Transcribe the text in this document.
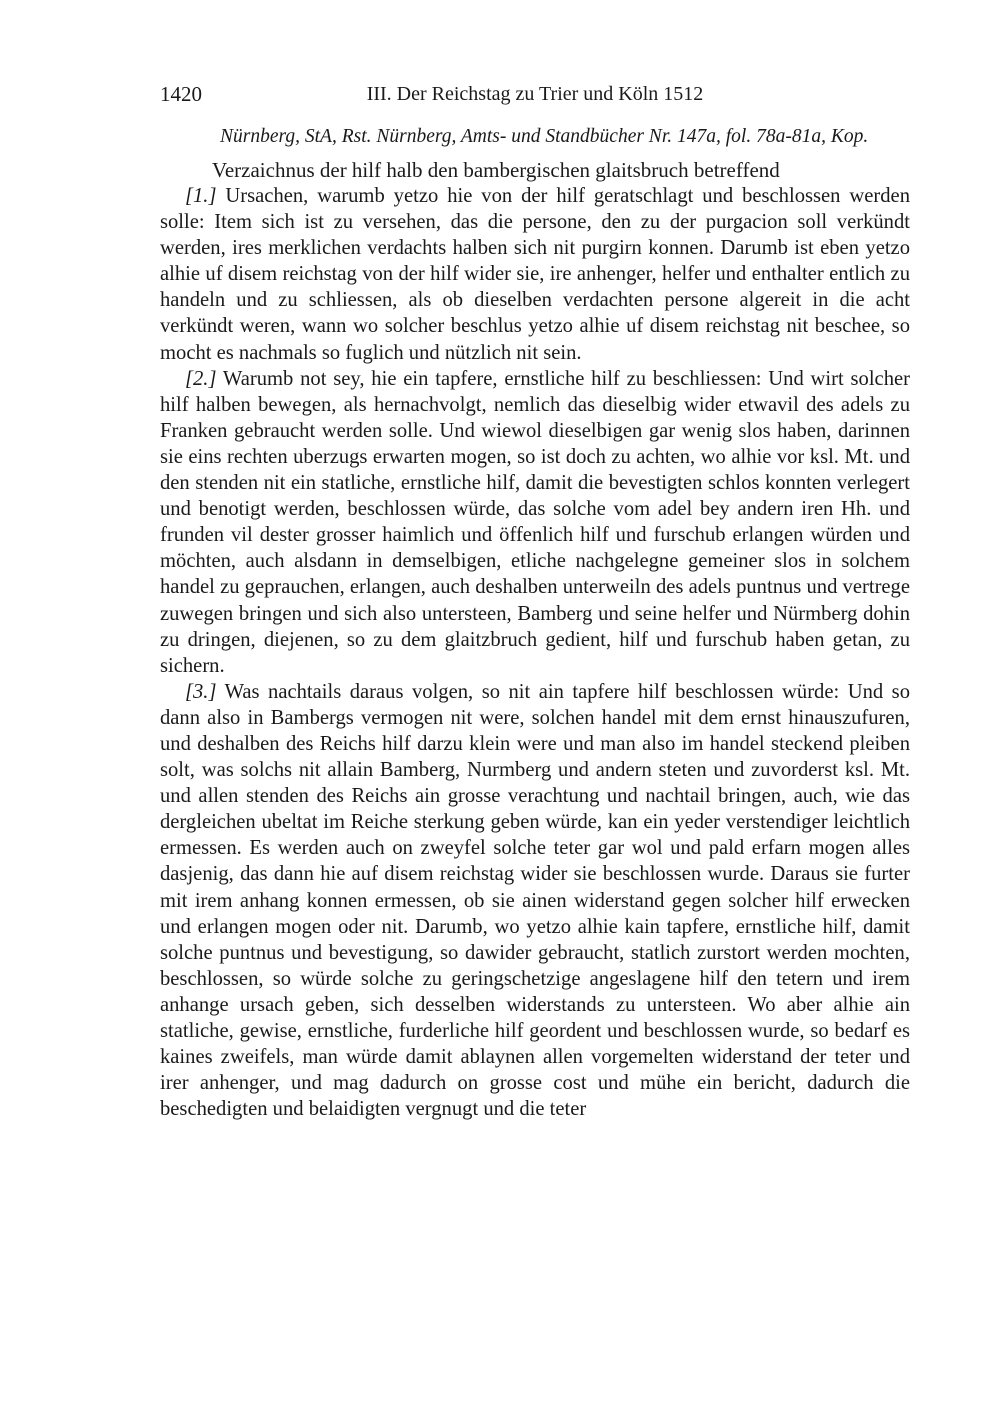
1420	III. Der Reichstag zu Trier und Köln 1512
Nürnberg, StA, Rst. Nürnberg, Amts- und Standbücher Nr. 147a, fol. 78a-81a, Kop.
Verzaichnus der hilf halb den bambergischen glaitsbruch betreffend

[1.] Ursachen, warumb yetzo hie von der hilf geratschlagt und beschlossen werden solle: Item sich ist zu versehen, das die persone, den zu der purgacion soll verkündt werden, ires merklichen verdachts halben sich nit purgirn konnen. Darumb ist eben yetzo alhie uf disem reichstag von der hilf wider sie, ire anhenger, helfer und enthalter entlich zu handeln und zu schliessen, als ob dieselben verdachten persone algereit in die acht verkündt weren, wann wo solcher beschlus yetzo alhie uf disem reichstag nit beschee, so mocht es nachmals so fuglich und nützlich nit sein.

[2.] Warumb not sey, hie ein tapfere, ernstliche hilf zu beschliessen: Und wirt solcher hilf halben bewegen, als hernachvolgt, nemlich das dieselbig wider etwavil des adels zu Franken gebraucht werden solle. Und wiewol dieselbigen gar wenig slos haben, darinnen sie eins rechten uberzugs erwarten mogen, so ist doch zu achten, wo alhie vor ksl. Mt. und den stenden nit ein statliche, ernstliche hilf, damit die bevestigten schlos konnten verlegert und benotigt werden, beschlossen würde, das solche vom adel bey andern iren Hh. und frunden vil dester grosser haimlich und öffenlich hilf und furschub erlangen würden und möchten, auch alsdann in demselbigen, etliche nachgelegne gemeiner slos in solchem handel zu geprauchen, erlangen, auch deshalben unterweiln des adels puntnus und vertrege zuwegen bringen und sich also untersteen, Bamberg und seine helfer und Nürmberg dohin zu dringen, diejenen, so zu dem glaitzbruch gedient, hilf und furschub haben getan, zu sichern.

[3.] Was nachtails daraus volgen, so nit ain tapfere hilf beschlossen würde: Und so dann also in Bambergs vermogen nit were, solchen handel mit dem ernst hinauszufuren, und deshalben des Reichs hilf darzu klein were und man also im handel steckend pleiben solt, was solchs nit allain Bamberg, Nurmberg und andern steten und zuvorderst ksl. Mt. und allen stenden des Reichs ain grosse verachtung und nachtail bringen, auch, wie das dergleichen ubeltat im Reiche sterkung geben würde, kan ein yeder verstendiger leichtlich ermessen. Es werden auch on zweyfel solche teter gar wol und pald erfarn mogen alles dasjenig, das dann hie auf disem reichstag wider sie beschlossen wurde. Daraus sie furter mit irem anhang konnen ermessen, ob sie ainen widerstand gegen solcher hilf erwecken und erlangen mogen oder nit. Darumb, wo yetzo alhie kain tapfere, ernstliche hilf, damit solche puntnus und bevestigung, so dawider gebraucht, statlich zurstort werden mochten, beschlossen, so würde solche zu geringschetzige angeslagene hilf den tetern und irem anhange ursach geben, sich desselben widerstands zu untersteen. Wo aber alhie ain statliche, gewise, ernstliche, furderliche hilf geordent und beschlossen wurde, so bedarf es kaines zweifels, man würde damit ablaynen allen vorgemelten widerstand der teter und irer anhenger, und mag dadurch on grosse cost und mühe ein bericht, dadurch die beschedigten und belaidigten vergnugt und die teter
